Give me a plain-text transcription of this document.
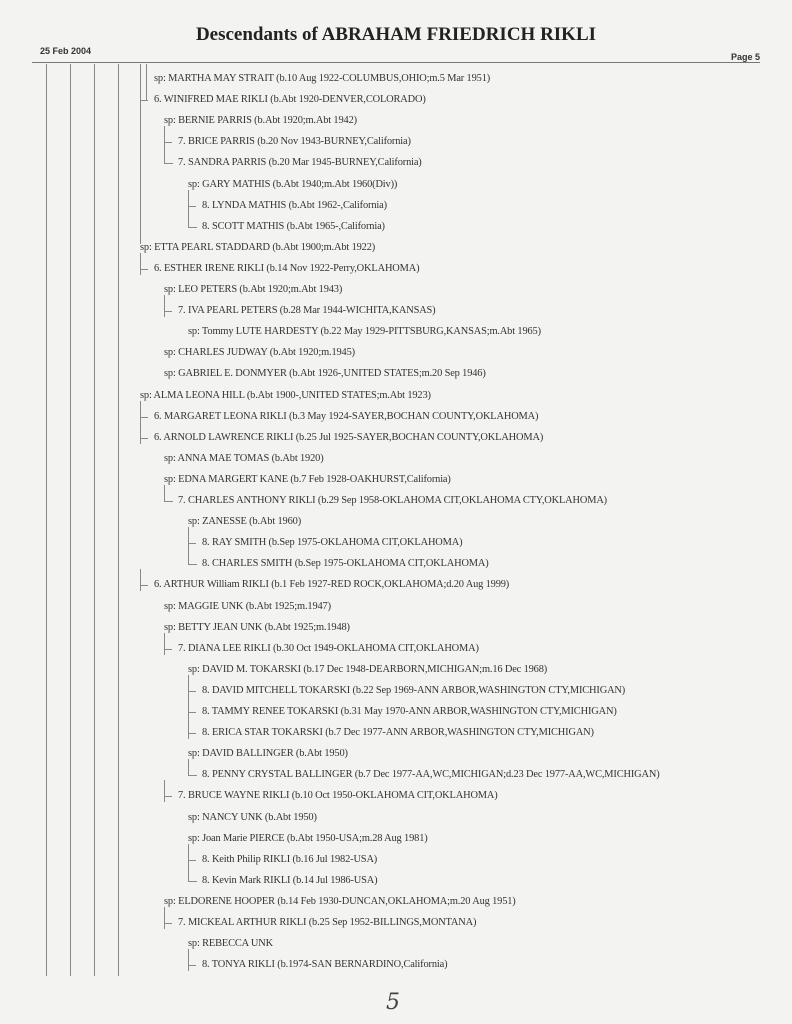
Descendants of ABRAHAM FRIEDRICH RIKLI
25 Feb 2004
Page 5
sp: MARTHA MAY STRAIT (b.10 Aug 1922-COLUMBUS,OHIO;m.5 Mar 1951)
6. WINIFRED MAE RIKLI (b.Abt 1920-DENVER,COLORADO)
sp: BERNIE PARRIS (b.Abt 1920;m.Abt 1942)
7. BRICE PARRIS (b.20 Nov 1943-BURNEY,California)
7. SANDRA PARRIS (b.20 Mar 1945-BURNEY,California)
sp: GARY MATHIS (b.Abt 1940;m.Abt 1960(Div))
8. LYNDA MATHIS (b.Abt 1962-,California)
8. SCOTT MATHIS (b.Abt 1965-,California)
sp: ETTA PEARL STADDARD (b.Abt 1900;m.Abt 1922)
6. ESTHER IRENE RIKLI (b.14 Nov 1922-Perry,OKLAHOMA)
sp: LEO PETERS (b.Abt 1920;m.Abt 1943)
7. IVA PEARL PETERS (b.28 Mar 1944-WICHITA,KANSAS)
sp: Tommy LUTE HARDESTY (b.22 May 1929-PITTSBURG,KANSAS;m.Abt 1965)
sp: CHARLES JUDWAY (b.Abt 1920;m.1945)
sp: GABRIEL E. DONMYER (b.Abt 1926-,UNITED STATES;m.20 Sep 1946)
sp: ALMA LEONA HILL (b.Abt 1900-,UNITED STATES;m.Abt 1923)
6. MARGARET LEONA RIKLI (b.3 May 1924-SAYER,BOCHAN COUNTY,OKLAHOMA)
6. ARNOLD LAWRENCE RIKLI (b.25 Jul 1925-SAYER,BOCHAN COUNTY,OKLAHOMA)
sp: ANNA MAE TOMAS (b.Abt 1920)
sp: EDNA MARGERT KANE (b.7 Feb 1928-OAKHURST,California)
7. CHARLES ANTHONY RIKLI (b.29 Sep 1958-OKLAHOMA CIT,OKLAHOMA CTY,OKLAHOMA)
sp: ZANESSE (b.Abt 1960)
8. RAY SMITH (b.Sep 1975-OKLAHOMA CIT,OKLAHOMA)
8. CHARLES SMITH (b.Sep 1975-OKLAHOMA CIT,OKLAHOMA)
6. ARTHUR William RIKLI (b.1 Feb 1927-RED ROCK,OKLAHOMA;d.20 Aug 1999)
sp: MAGGIE UNK (b.Abt 1925;m.1947)
sp: BETTY JEAN UNK (b.Abt 1925;m.1948)
7. DIANA LEE RIKLI (b.30 Oct 1949-OKLAHOMA CIT,OKLAHOMA)
sp: DAVID M. TOKARSKI (b.17 Dec 1948-DEARBORN,MICHIGAN;m.16 Dec 1968)
8. DAVID MITCHELL TOKARSKI (b.22 Sep 1969-ANN ARBOR,WASHINGTON CTY,MICHIGAN)
8. TAMMY RENEE TOKARSKI (b.31 May 1970-ANN ARBOR,WASHINGTON CTY,MICHIGAN)
8. ERICA STAR TOKARSKI (b.7 Dec 1977-ANN ARBOR,WASHINGTON CTY,MICHIGAN)
sp: DAVID BALLINGER (b.Abt 1950)
8. PENNY CRYSTAL BALLINGER (b.7 Dec 1977-AA,WC,MICHIGAN;d.23 Dec 1977-AA,WC,MICHIGAN)
7. BRUCE WAYNE RIKLI (b.10 Oct 1950-OKLAHOMA CIT,OKLAHOMA)
sp: NANCY UNK (b.Abt 1950)
sp: Joan Marie PIERCE (b.Abt 1950-USA;m.28 Aug 1981)
8. Keith Philip RIKLI (b.16 Jul 1982-USA)
8. Kevin Mark RIKLI (b.14 Jul 1986-USA)
sp: ELDORENE HOOPER (b.14 Feb 1930-DUNCAN,OKLAHOMA;m.20 Aug 1951)
7. MICKEAL ARTHUR RIKLI (b.25 Sep 1952-BILLINGS,MONTANA)
sp: REBECCA UNK
8. TONYA RIKLI (b.1974-SAN BERNARDINO,California)
5
